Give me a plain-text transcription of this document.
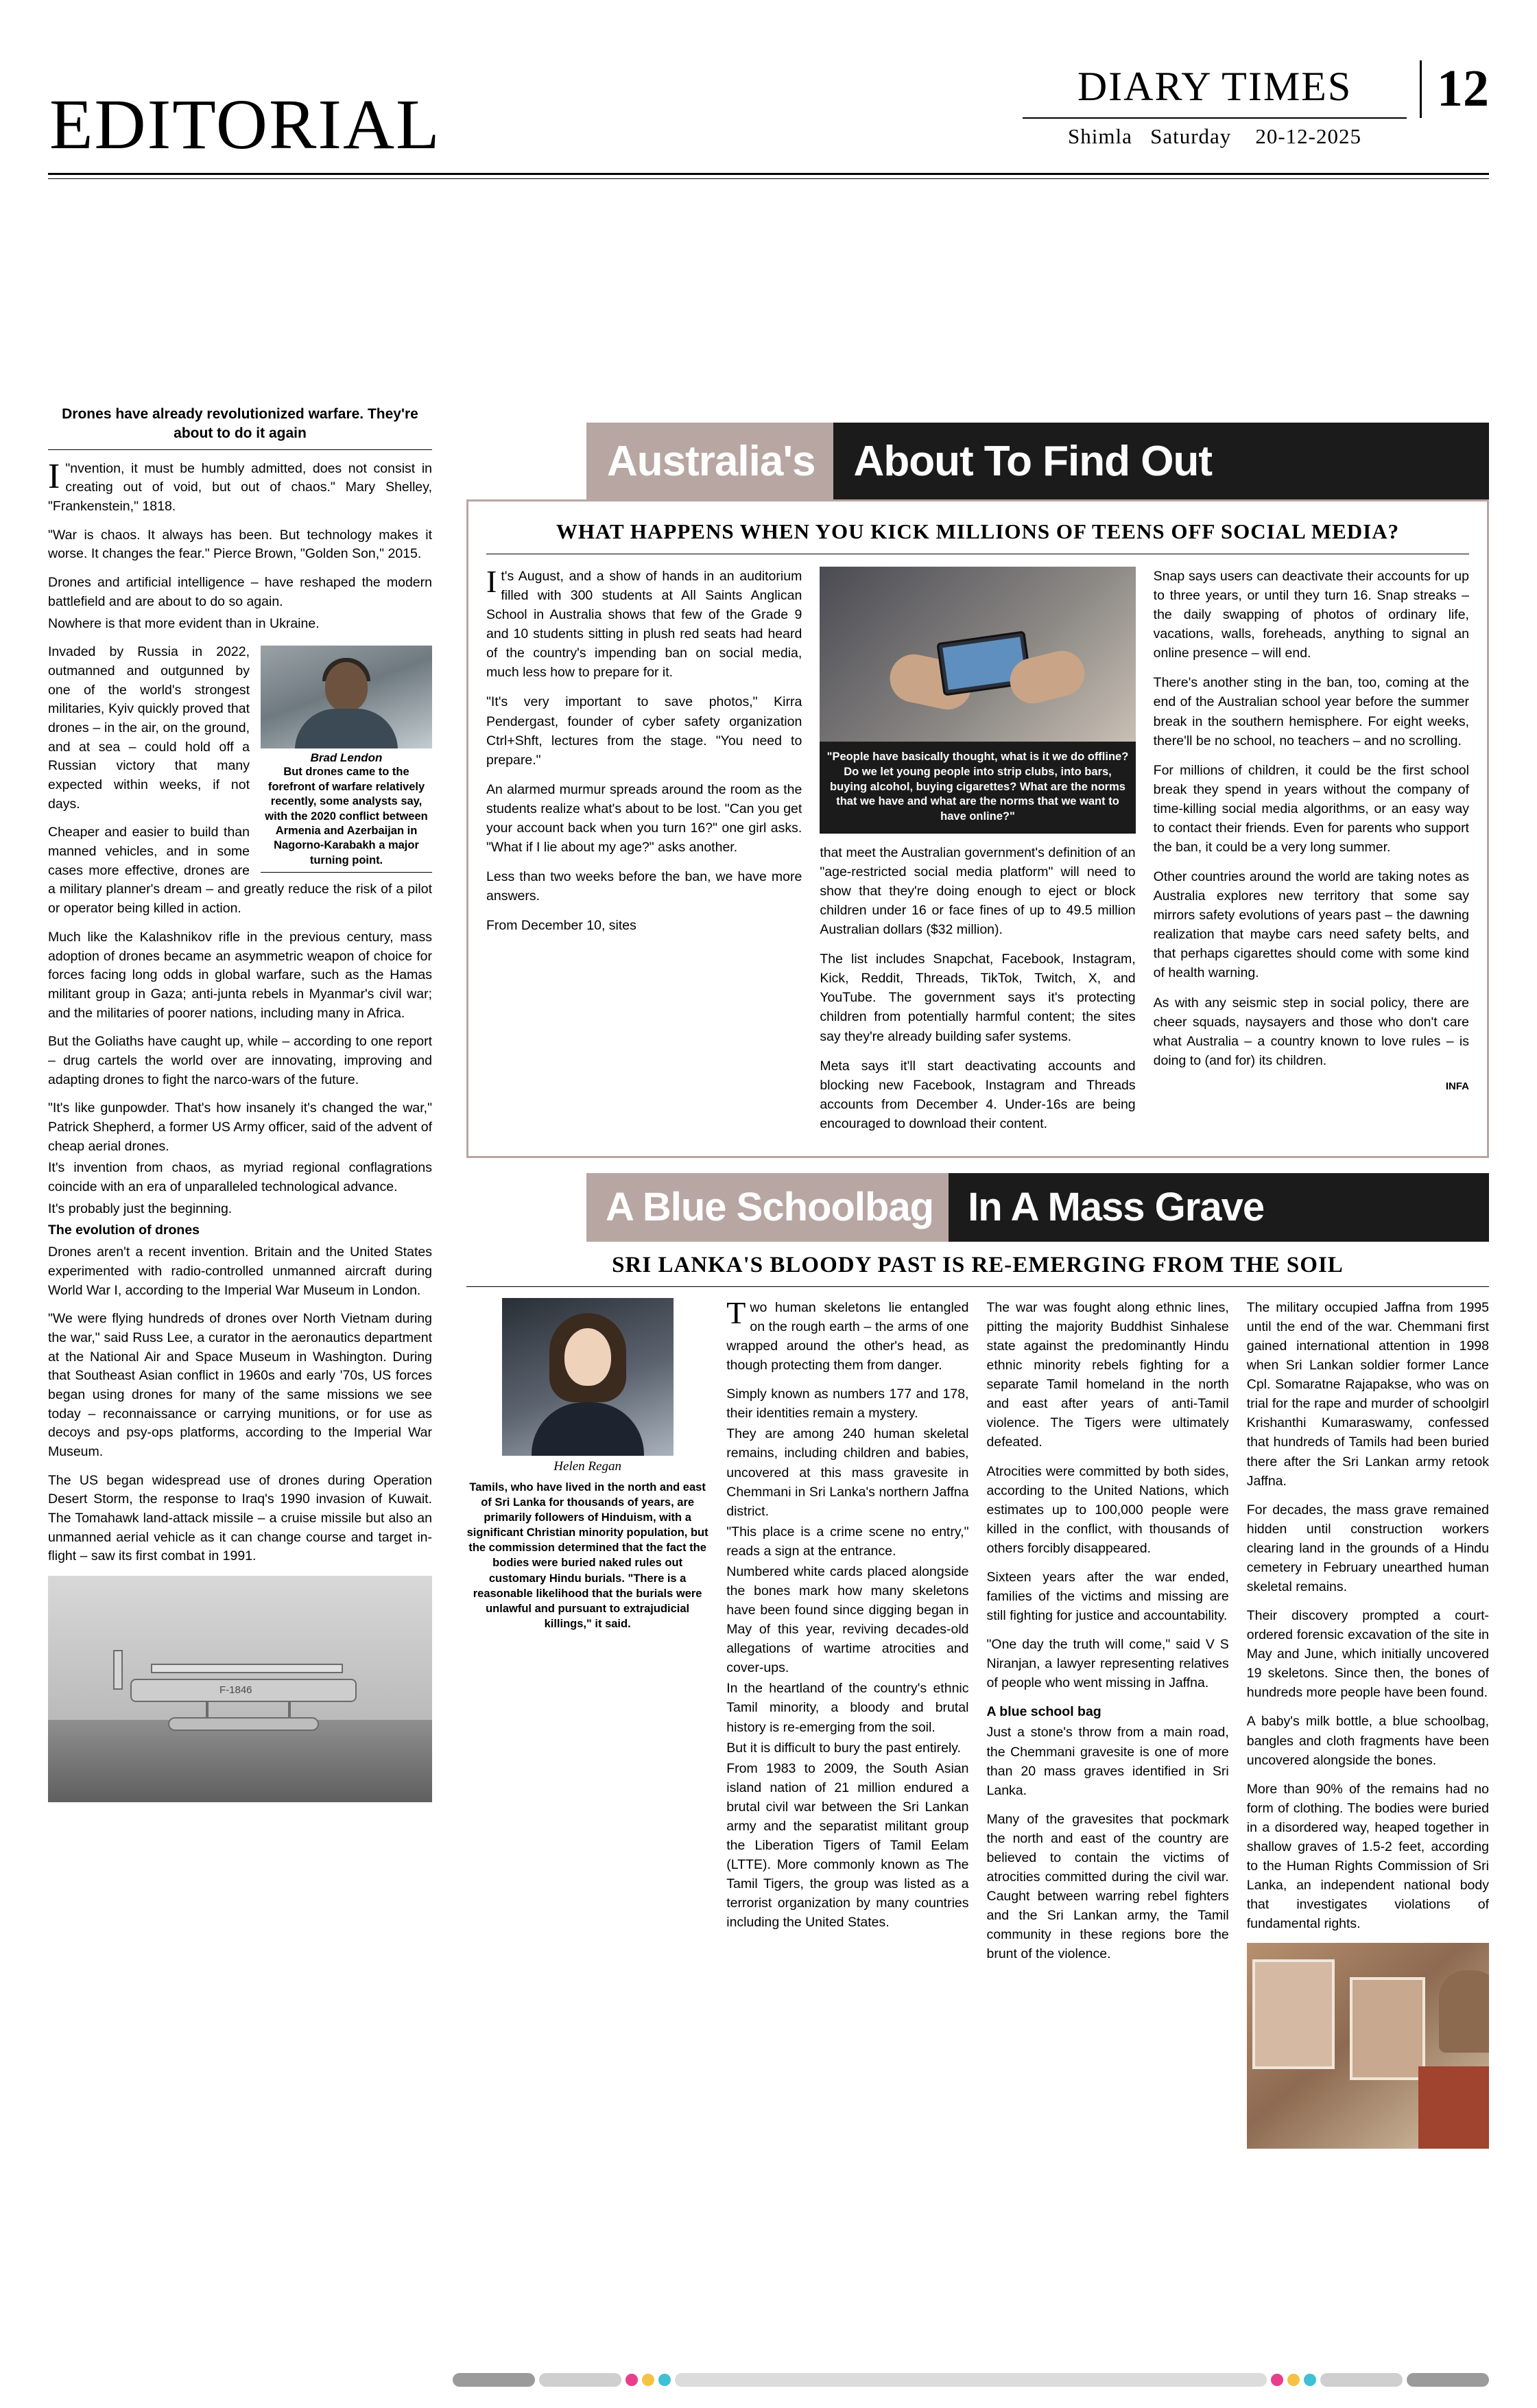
EDITORIAL	DIARY TIMES
Shimla Saturday 20-12-2025
12
Drones have already revolutionized warfare. They're about to do it again

I "nvention, it must be humbly admitted, does not consist in creating out of void, but out of chaos." Mary Shelley, "Frankenstein," 1818.

"War is chaos. It always has been. But technology makes it worse. It changes the fear." Pierce Brown, "Golden Son," 2015.

Drones and artificial intelligence – have reshaped the modern battlefield and are about to do so again.

Nowhere is that more evident than in Ukraine.

Brad Lendon
But drones came to the forefront of warfare relatively recently, some analysts say, with the 2020 conflict between Armenia and Azerbaijan in Nagorno-Karabakh a major turning point.

Invaded by Russia in 2022, outmanned and outgunned by one of the world's strongest militaries, Kyiv quickly proved that drones – in the air, on the ground, and at sea – could hold off a Russian victory that many expected within weeks, if not days.

Cheaper and easier to build than manned vehicles, and in some cases more effective, drones are a military planner's dream – and greatly reduce the risk of a pilot or operator being killed in action.

Much like the Kalashnikov rifle in the previous century, mass adoption of drones became an asymmetric weapon of choice for forces facing long odds in global warfare, such as the Hamas militant group in Gaza; anti-junta rebels in Myanmar's civil war; and the militaries of poorer nations, including many in Africa.

But the Goliaths have caught up, while – according to one report – drug cartels the world over are innovating, improving and adapting drones to fight the narco-wars of the future.

"It's like gunpowder. That's how insanely it's changed the war," Patrick Shepherd, a former US Army officer, said of the advent of cheap aerial drones.

It's invention from chaos, as myriad regional conflagrations coincide with an era of unparalleled technological advance.

It's probably just the beginning.

The evolution of drones

Drones aren't a recent invention. Britain and the United States experimented with radio-controlled unmanned aircraft during World War I, according to the Imperial War Museum in London.

"We were flying hundreds of drones over North Vietnam during the war," said Russ Lee, a curator in the aeronautics department at the National Air and Space Museum in Washington. During that Southeast Asian conflict in 1960s and early '70s, US forces began using drones for many of the same missions we see today – reconnaissance or carrying munitions, or for use as decoys and psy-ops platforms, according to the Imperial War Museum.

The US began widespread use of drones during Operation Desert Storm, the response to Iraq's 1990 invasion of Kuwait. The Tomahawk land-attack missile – a cruise missile but also an unmanned aerial vehicle as it can change course and target in-flight – saw its first combat in 1991.

F-1846
Australia's About To Find Out
WHAT HAPPENS WHEN YOU KICK MILLIONS OF TEENS OFF SOCIAL MEDIA?

It's August, and a show of hands in an auditorium filled with 300 students at All Saints Anglican School in Australia shows that few of the Grade 9 and 10 students sitting in plush red seats had heard of the country's impending ban on social media, much less how to prepare for it.

"It's very important to save photos," Kirra Pendergast, founder of cyber safety organization Ctrl+Shft, lectures from the stage. "You need to prepare."

An alarmed murmur spreads around the room as the students realize what's about to be lost. "Can you get your account back when you turn 16?" one girl asks. "What if I lie about my age?" asks another.

Less than two weeks before the ban, we have more answers.

From December 10, sites

"People have basically thought, what is it we do offline? Do we let young people into strip clubs, into bars, buying alcohol, buying cigarettes? What are the norms that we have and what are the norms that we want to have online?"

that meet the Australian government's definition of an "age-restricted social media platform" will need to show that they're doing enough to eject or block children under 16 or face fines of up to 49.5 million Australian dollars ($32 million).

The list includes Snapchat, Facebook, Instagram, Kick, Reddit, Threads, TikTok, Twitch, X, and YouTube. The government says it's protecting children from potentially harmful content; the sites say they're already building safer systems.

Meta says it'll start deactivating accounts and blocking new Facebook, Instagram and Threads accounts from December 4. Under-16s are being encouraged to download their content.

Snap says users can deactivate their accounts for up to three years, or until they turn 16. Snap streaks – the daily swapping of photos of ordinary life, vacations, walls, foreheads, anything to signal an online presence – will end.

There's another sting in the ban, too, coming at the end of the Australian school year before the summer break in the southern hemisphere. For eight weeks, there'll be no school, no teachers – and no scrolling.

For millions of children, it could be the first school break they spend in years without the company of time-killing social media algorithms, or an easy way to contact their friends. Even for parents who support the ban, it could be a very long summer.

Other countries around the world are taking notes as Australia explores new territory that some say mirrors safety evolutions of years past – the dawning realization that maybe cars need safety belts, and that perhaps cigarettes should come with some kind of health warning.

As with any seismic step in social policy, there are cheer squads, naysayers and those who don't care what Australia – a country known to love rules – is doing to (and for) its children.

INFA
A Blue Schoolbag In A Mass Grave
SRI LANKA'S BLOODY PAST IS RE-EMERGING FROM THE SOIL
Helen Regan
Tamils, who have lived in the north and east of Sri Lanka for thousands of years, are primarily followers of Hinduism, with a significant Christian minority population, but the commission determined that the fact the bodies were buried naked rules out customary Hindu burials. "There is a reasonable likelihood that the burials were unlawful and pursuant to extrajudicial killings," it said.

Two human skeletons lie entangled on the rough earth – the arms of one wrapped around the other's head, as though protecting them from danger.

Simply known as numbers 177 and 178, their identities remain a mystery.

They are among 240 human skeletal remains, including children and babies, uncovered at this mass gravesite in Chemmani in Sri Lanka's northern Jaffna district.

"This place is a crime scene no entry," reads a sign at the entrance.

Numbered white cards placed alongside the bones mark how many skeletons have been found since digging began in May of this year, reviving decades-old allegations of wartime atrocities and cover-ups.

In the heartland of the country's ethnic Tamil minority, a bloody and brutal history is re-emerging from the soil.

But it is difficult to bury the past entirely.

From 1983 to 2009, the South Asian island nation of 21 million endured a brutal civil war between the Sri Lankan army and the separatist militant group the Liberation Tigers of Tamil Eelam (LTTE). More commonly known as The Tamil Tigers, the group was listed as a terrorist organization by many countries including the United States.

The war was fought along ethnic lines, pitting the majority Buddhist Sinhalese state against the predominantly Hindu ethnic minority rebels fighting for a separate Tamil homeland in the north and east after years of anti-Tamil violence. The Tigers were ultimately defeated.

Atrocities were committed by both sides, according to the United Nations, which estimates up to 100,000 people were killed in the conflict, with thousands of others forcibly disappeared.

Sixteen years after the war ended, families of the victims and missing are still fighting for justice and accountability.

"One day the truth will come," said V S Niranjan, a lawyer representing relatives of people who went missing in Jaffna.

A blue school bag

Just a stone's throw from a main road, the Chemmani gravesite is one of more than 20 mass graves identified in Sri Lanka.

Many of the gravesites that pockmark the north and east of the country are believed to contain the victims of atrocities committed during the civil war. Caught between warring rebel fighters and the Sri Lankan army, the Tamil community in these regions bore the brunt of the violence.

The military occupied Jaffna from 1995 until the end of the war. Chemmani first gained international attention in 1998 when Sri Lankan soldier former Lance Cpl. Somaratne Rajapakse, who was on trial for the rape and murder of schoolgirl Krishanthi Kumaraswamy, confessed that hundreds of Tamils had been buried there after the Sri Lankan army retook Jaffna.

For decades, the mass grave remained hidden until construction workers clearing land in the grounds of a Hindu cemetery in February unearthed human skeletal remains.

Their discovery prompted a court-ordered forensic excavation of the site in May and June, which initially uncovered 19 skeletons. Since then, the bones of hundreds more people have been found.

A baby's milk bottle, a blue schoolbag, bangles and cloth fragments have been uncovered alongside the bones.

More than 90% of the remains had no form of clothing. The bodies were buried in a disordered way, heaped together in shallow graves of 1.5-2 feet, according to the Human Rights Commission of Sri Lanka, an independent national body that investigates violations of fundamental rights.
